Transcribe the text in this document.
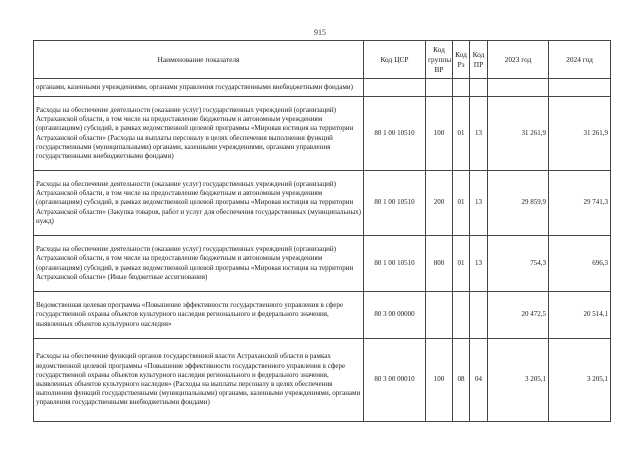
915
Наименование показателя	Код ЦСР	Код группы ВР	Код Рз	Код ПР	2023 год	2024 год
органами, казенными учреждениями, органами управления государственными внебюджетными фондами)						
Расходы на обеспечение деятельности (оказание услуг) государственных учреждений (организаций) Астраханской области, в том числе на предоставление бюджетным и автономным учреждениям (организациям) субсидий, в рамках ведомственной целевой программы «Мировая юстиция на территории Астраханской области» (Расходы на выплаты персоналу в целях обеспечения выполнения функций государственными (муниципальными) органами, казенными учреждениями, органами управления государственными внебюджетными фондами)	80 1 00 10510	100	01	13	31 261,9	31 261,9
Расходы на обеспечение деятельности (оказание услуг) государственных учреждений (организаций) Астраханской области, в том числе на предоставление бюджетным и автономным учреждениям (организациям) субсидий, в рамках ведомственной целевой программы «Мировая юстиция на территории Астраханской области» (Закупка товаров, работ и услуг для обеспечения государственных (муниципальных) нужд)	80 1 00 10510	200	01	13	29 859,9	29 741,3
Расходы на обеспечение деятельности (оказание услуг) государственных учреждений (организаций) Астраханской области, в том числе на предоставление бюджетным и автономным учреждениям (организациям) субсидий, в рамках ведомственной целевой программы «Мировая юстиция на территории Астраханской области» (Иные бюджетные ассигнования)	80 1 00 10510	800	01	13	754,3	696,3
Ведомственная целевая программа «Повышение эффективности государственного управления в сфере государственной охраны объектов культурного наследия регионального и федерального значения, выявленных объектов культурного наследия»	80 3 00 00000				20 472,5	20 514,1
Расходы на обеспечение функций органов государственной власти Астраханской области в рамках ведомственной целевой программы «Повышение эффективности государственного управления в сфере государственной охраны объектов культурного наследия регионального и федерального значения, выявленных объектов культурного наследия» (Расходы на выплаты персоналу в целях обеспечения выполнения функций государственными (муниципальными) органами, казенными учреждениями, органами управления государственными внебюджетными фондами)	80 3 00 00010	100	08	04	3 205,1	3 205,1
